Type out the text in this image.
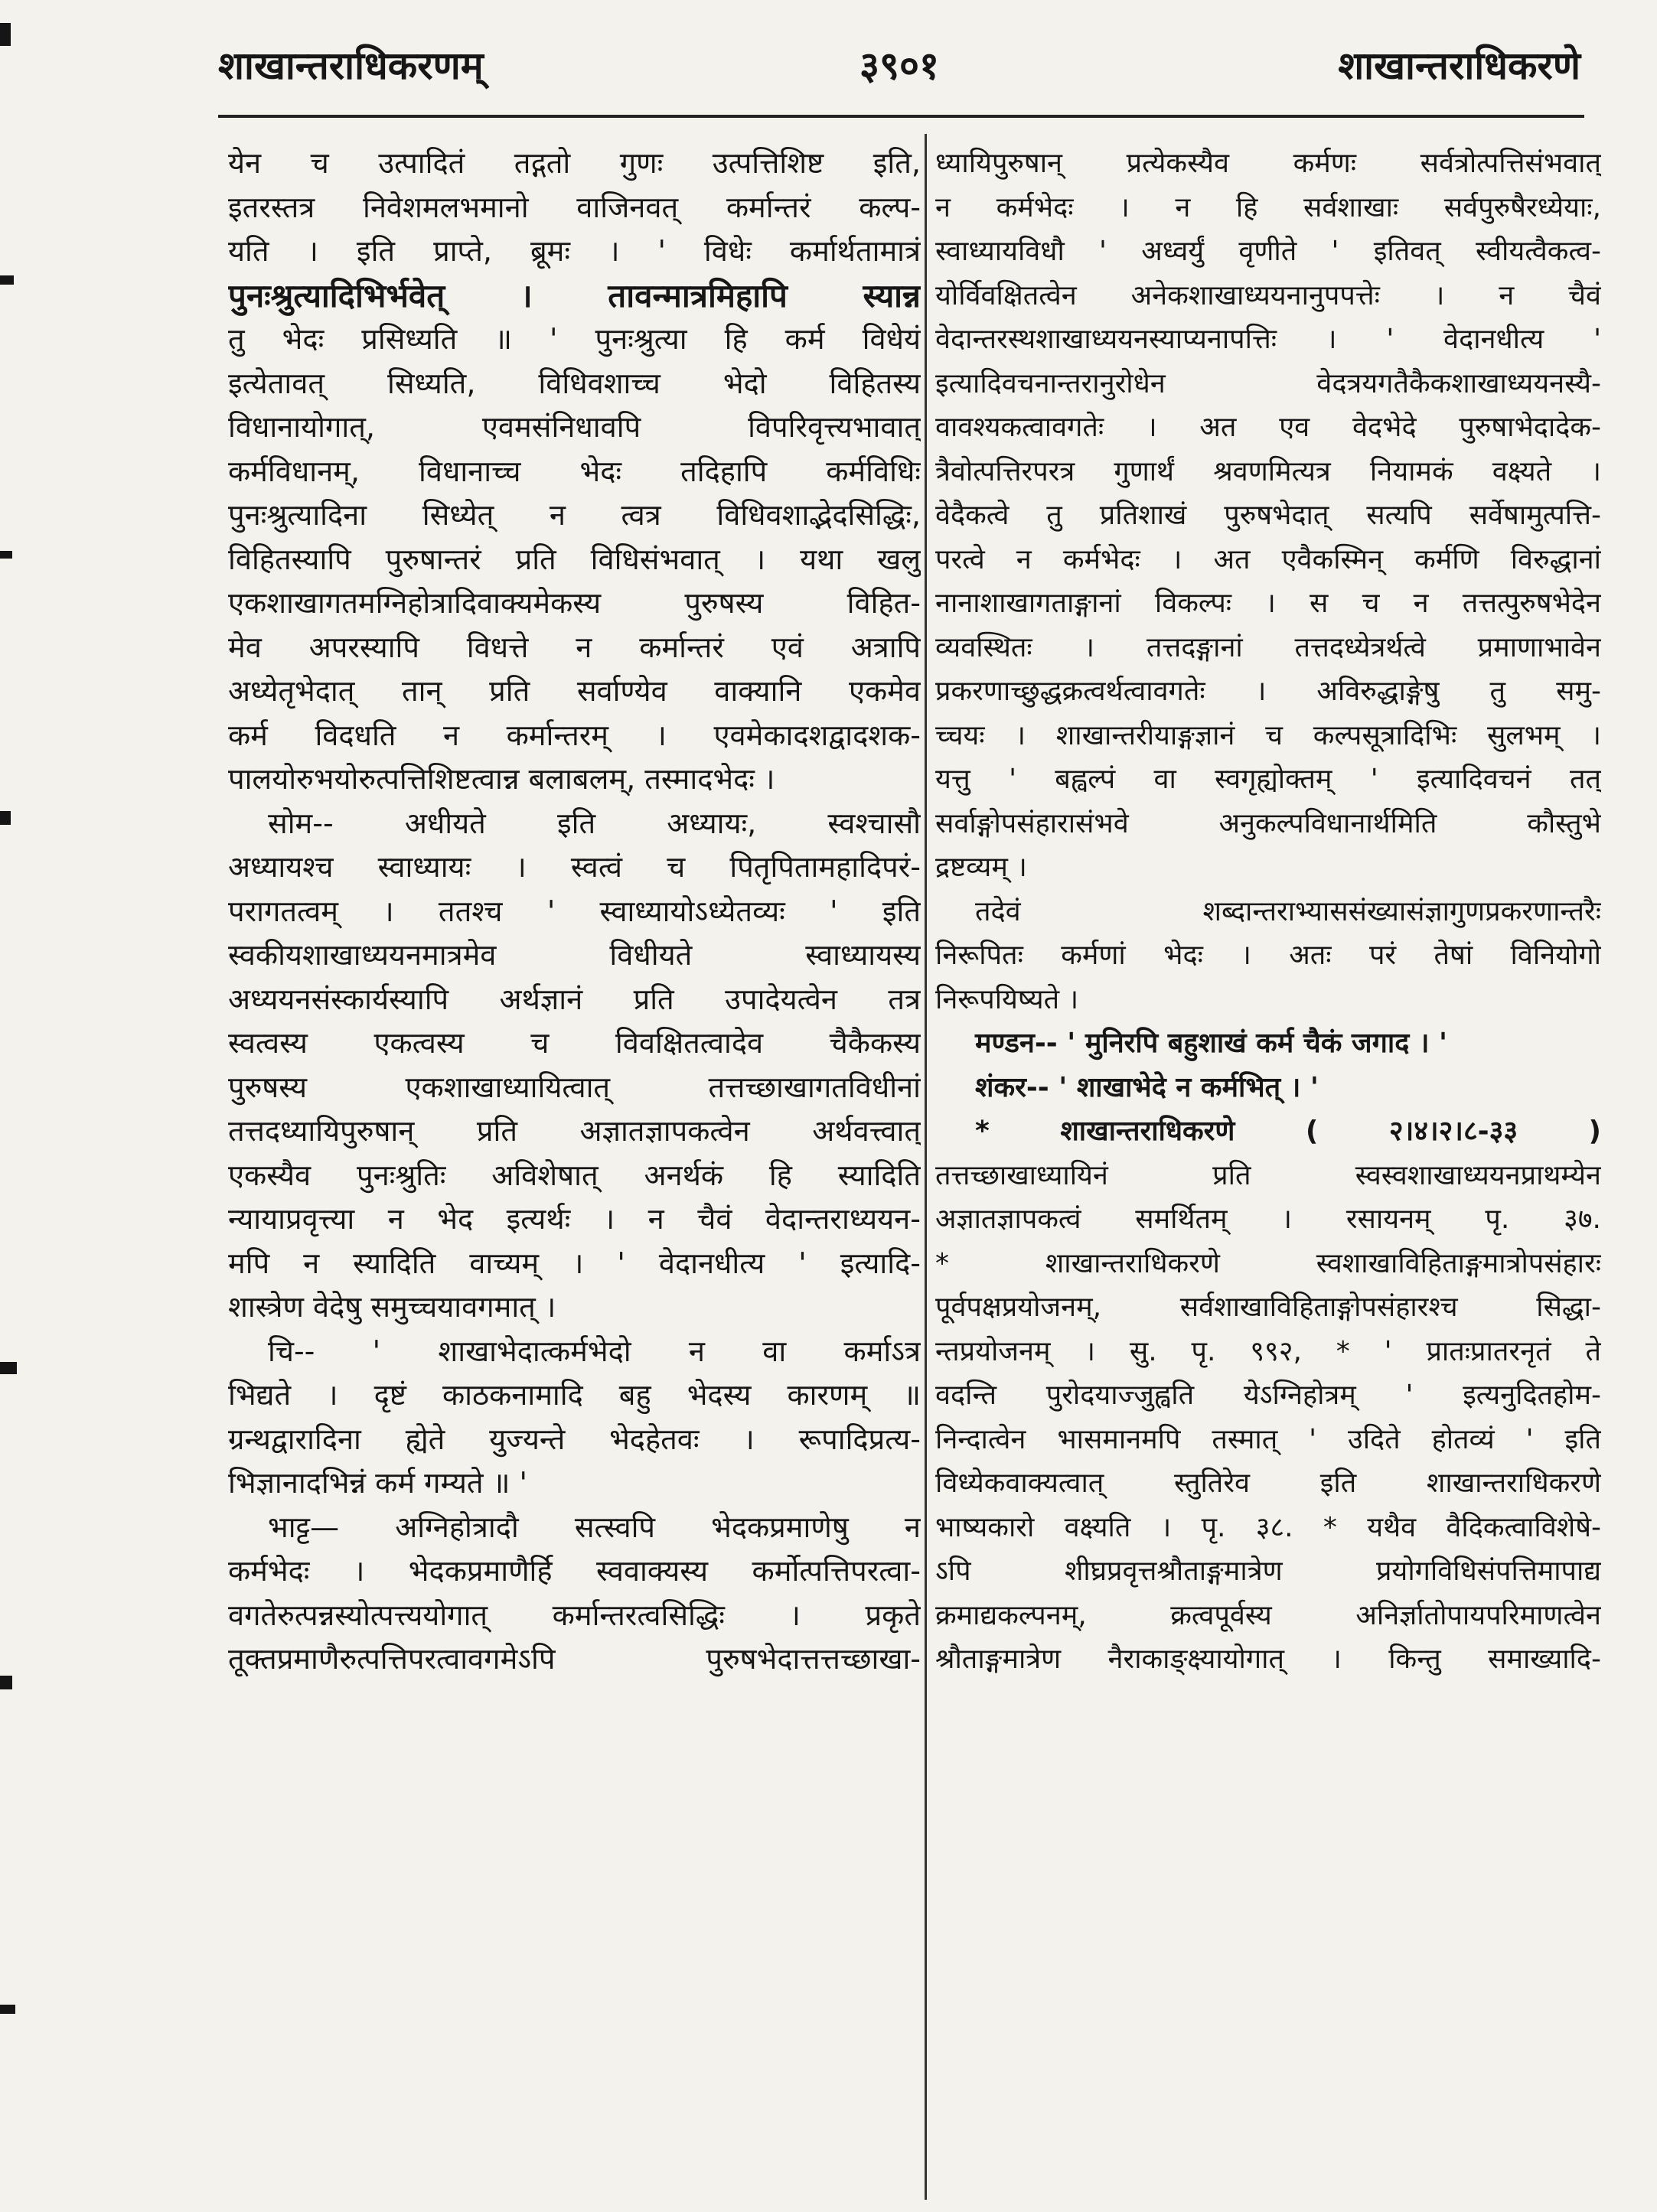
शाखान्तराधिकरणम्	३९०१	शाखान्तराधिकरणे
येन च उत्पादितं तद्गतो गुणः उत्पत्तिशिष्ट इति,
इतरस्तत्र निवेशमलभमानो वाजिनवत् कर्मान्तरं कल्प-
यति । इति प्राप्ते, ब्रूमः । ' विधेः कर्मार्थतामात्रं
पुनःश्रुत्यादिभिर्भवेत् । तावन्मात्रमिहापि स्यान्न
तु भेदः प्रसिध्यति ॥ ' पुनःश्रुत्या हि कर्म विधेयं
इत्येतावत् सिध्यति, विधिवशाच्च भेदो विहितस्य
विधानायोगात्, एवमसंनिधावपि विपरिवृत्त्यभावात्
कर्मविधानम्, विधानाच्च भेदः तदिहापि कर्मविधिः
पुनःश्रुत्यादिना सिध्येत् न त्वत्र विधिवशाद्भेदसिद्धिः,
विहितस्यापि पुरुषान्तरं प्रति विधिसंभवात् । यथा खलु
एकशाखागतमग्निहोत्रादिवाक्यमेकस्य पुरुषस्य विहित-
मेव अपरस्यापि विधत्ते न कर्मान्तरं एवं अत्रापि
अध्येतृभेदात् तान् प्रति सर्वाण्येव वाक्यानि एकमेव
कर्म विदधति न कर्मान्तरम् । एवमेकादशद्वादशक-
पालयोरुभयोरुत्पत्तिशिष्टत्वान्न बलाबलम्, तस्मादभेदः ।
सोम-- अधीयते इति अध्यायः, स्वश्चासौ
अध्यायश्च स्वाध्यायः । स्वत्वं च पितृपितामहादिपरं-
परागतत्वम् । ततश्च ' स्वाध्यायोऽध्येतव्यः ' इति
स्वकीयशाखाध्ययनमात्रमेव विधीयते स्वाध्यायस्य
अध्ययनसंस्कार्यस्यापि अर्थज्ञानं प्रति उपादेयत्वेन तत्र
स्वत्वस्य एकत्वस्य च विवक्षितत्वादेव चैकैकस्य
पुरुषस्य एकशाखाध्यायित्वात् तत्तच्छाखागतविधीनां
तत्तदध्यायिपुरुषान् प्रति अज्ञातज्ञापकत्वेन अर्थवत्त्वात्
एकस्यैव पुनःश्रुतिः अविशेषात् अनर्थकं हि स्यादिति
न्यायाप्रवृत्त्या न भेद इत्यर्थः । न चैवं वेदान्तराध्ययन-
मपि न स्यादिति वाच्यम् । ' वेदानधीत्य ' इत्यादि-
शास्त्रेण वेदेषु समुच्चयावगमात् ।
चि-- ' शाखाभेदात्कर्मभेदो न वा कर्माऽत्र
भिद्यते । दृष्टं काठकनामादि बहु भेदस्य कारणम् ॥
ग्रन्थद्वारादिना ह्येते युज्यन्ते भेदहेतवः । रूपादिप्रत्य-
भिज्ञानादभिन्नं कर्म गम्यते ॥ '
भाट्ट— अग्निहोत्रादौ सत्स्वपि भेदकप्रमाणेषु न
कर्मभेदः । भेदकप्रमाणैर्हि स्ववाक्यस्य कर्मोत्पत्तिपरत्वा-
वगतेरुत्पन्नस्योत्पत्त्ययोगात् कर्मान्तरत्वसिद्धिः । प्रकृते
तूक्तप्रमाणैरुत्पत्तिपरत्वावगमेऽपि पुरुषभेदात्तत्तच्छाखा-
ध्यायिपुरुषान् प्रत्येकस्यैव कर्मणः सर्वत्रोत्पत्तिसंभवात्
न कर्मभेदः । न हि सर्वशाखाः सर्वपुरुषैरध्येयाः,
स्वाध्यायविधौ ' अध्वर्युं वृणीते ' इतिवत् स्वीयत्वैकत्व-
योर्विवक्षितत्वेन अनेकशाखाध्ययनानुपपत्तेः । न चैवं
वेदान्तरस्थशाखाध्ययनस्याप्यनापत्तिः । ' वेदानधीत्य '
इत्यादिवचनान्तरानुरोधेन वेदत्रयगतैकैकशाखाध्ययनस्यै-
वावश्यकत्वावगतेः । अत एव वेदभेदे पुरुषाभेदादेक-
त्रैवोत्पत्तिरपरत्र गुणार्थं श्रवणमित्यत्र नियामकं वक्ष्यते ।
वेदैकत्वे तु प्रतिशाखं पुरुषभेदात् सत्यपि सर्वेषामुत्पत्ति-
परत्वे न कर्मभेदः । अत एवैकस्मिन् कर्मणि विरुद्धानां
नानाशाखागताङ्गानां विकल्पः । स च न तत्तत्पुरुषभेदेन
व्यवस्थितः । तत्तदङ्गानां तत्तदध्येत्रर्थत्वे प्रमाणाभावेन
प्रकरणाच्छुद्धक्रत्वर्थत्वावगतेः । अविरुद्धाङ्गेषु तु समु-
च्चयः । शाखान्तरीयाङ्गज्ञानं च कल्पसूत्रादिभिः सुलभम् ।
यत्तु ' बह्वल्पं वा स्वगृह्योक्तम् ' इत्यादिवचनं तत्
सर्वाङ्गोपसंहारासंभवे अनुकल्पविधानार्थमिति कौस्तुभे
द्रष्टव्यम् ।
तदेवं शब्दान्तराभ्याससंख्यासंज्ञागुणप्रकरणान्तरैः
निरूपितः कर्मणां भेदः । अतः परं तेषां विनियोगो
निरूपयिष्यते ।
मण्डन-- ' मुनिरपि बहुशाखं कर्म चैकं जगाद । '
शंकर-- ' शाखाभेदे न कर्मभित् । '
* शाखान्तराधिकरणे ( २।४।२।८-३३ )
तत्तच्छाखाध्यायिनं प्रति स्वस्वशाखाध्ययनप्राथम्येन
अज्ञातज्ञापकत्वं समर्थितम् । रसायनम् पृ. ३७.
* शाखान्तराधिकरणे स्वशाखाविहिताङ्गमात्रोपसंहारः
पूर्वपक्षप्रयोजनम्, सर्वशाखाविहिताङ्गोपसंहारश्च सिद्धा-
न्तप्रयोजनम् । सु. पृ. ९९२, * ' प्रातःप्रातरनृतं ते
वदन्ति पुरोदयाज्जुह्वति येऽग्निहोत्रम् ' इत्यनुदितहोम-
निन्दात्वेन भासमानमपि तस्मात् ' उदिते होतव्यं ' इति
विध्येकवाक्यत्वात् स्तुतिरेव इति शाखान्तराधिकरणे
भाष्यकारो वक्ष्यति । पृ. ३८. * यथैव वैदिकत्वाविशेषे-
ऽपि शीघ्रप्रवृत्तश्रौताङ्गमात्रेण प्रयोगविधिसंपत्तिमापाद्य
क्रमाद्यकल्पनम्, क्रत्वपूर्वस्य अनिर्ज्ञातोपायपरिमाणत्वेन
श्रौताङ्गमात्रेण नैराकाङ्क्ष्यायोगात् । किन्तु समाख्यादि-
